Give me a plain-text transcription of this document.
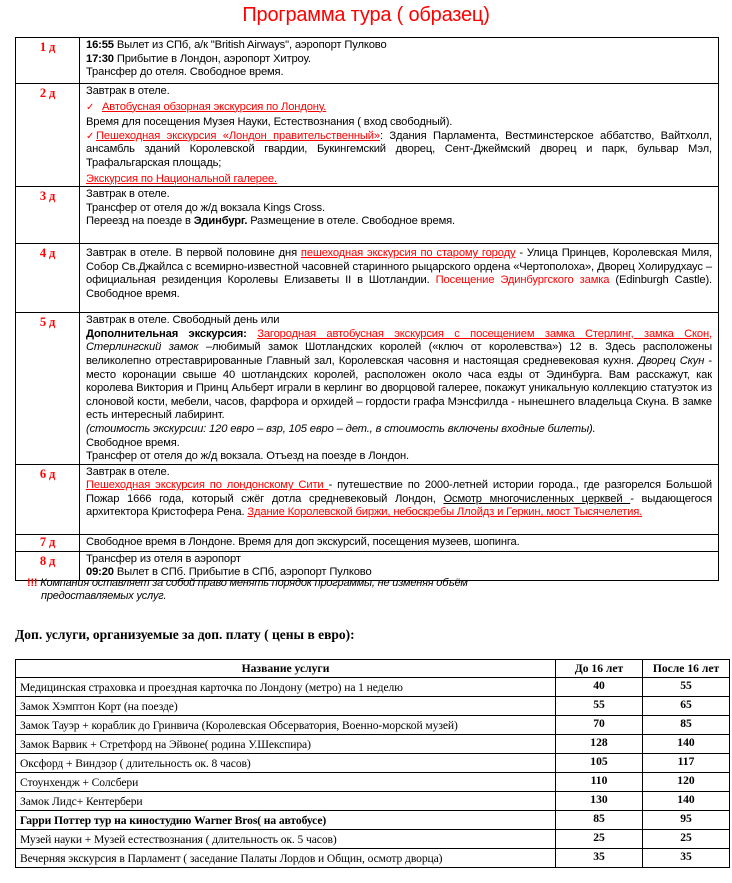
Программа тура ( образец)
1 д	16:55 Вылет из СПб, а/к "British Airways", аэропорт Пулково
17:30 Прибытие в Лондон, аэропорт Хитроу.
Трансфер до отеля. Свободное время.

2 д	Завтрак в отеле.
✓ Автобусная обзорная экскурсия по Лондону.
Время для посещения Музея Науки, Естествознания ( вход свободный).
✓ Пешеходная экскурсия «Лондон правительственный»: Здания Парламента, Вестминстерское аббатство, Вайтхолл, ансамбль зданий Королевской гвардии, Букингемский дворец, Сент-Джеймский дворец и парк, бульвар Мэл, Трафальгарская площадь;
Экскурсия по Национальной галерее.

3 д	Завтрак в отеле.
Трансфер от отеля до ж/д вокзала Kings Cross.
Переезд на поезде в Эдинбург. Размещение в отеле. Свободное время.

4 д	Завтрак в отеле. В первой половине дня пешеходная экскурсия по старому городу - Улица Принцев, Королевская Миля, Собор Св.Джайлса с всемирно-известной часовней старинного рыцарского ордена «Чертополоха», Дворец Холирудхаус – официальная резиденция Королевы Елизаветы II в Шотландии. Посещение Эдинбургского замка (Edinburgh Castle). Свободное время.
5 д	Завтрак в отеле. Свободный день или
Дополнительная экскурсия: Загородная автобусная экскурсия с посещением замка Стерлинг, замка Скон, Стерлингский замок –любимый замок Шотландских королей («ключ от королевства») 12 в. Здесь расположены великолепно отреставрированные Главный зал, Королевская часовня и настоящая средневековая кухня. Дворец Скун - место коронации свыше 40 шотландских королей, расположен около часа езды от Эдинбурга. Вам расскажут, как королева Виктория и Принц Альберт играли в керлинг во дворцовой галерее, покажут уникальную коллекцию статуэток из слоновой кости, мебели, часов, фарфора и орхидей – гордости графа Мэнсфилда - нынешнего владельца Скуна. В замке есть интересный лабиринт.
(стоимость экскурсии: 120 евро – взр, 105 евро – дет., в стоимость включены входные билеты).
Свободное время.
Трансфер от отеля до ж/д вокзала. Отъезд на поезде в Лондон.

6 д	Завтрак в отеле.
Пешеходная экскурсия по лондонскому Сити - путешествие по 2000-летней истории города., где разгорелся Большой Пожар 1666 года, который сжёг дотла средневековый Лондон, Осмотр многочисленных церквей - выдающегося архитектора Кристофера Рена. Здание Королевской биржи, небоскребы Ллойдз и Геркин, мост Тысячелетия.
7 д	Свободное время в Лондоне. Время для доп экскурсий, посещения музеев, шопинга.

8 д	Трансфер из отеля в аэропорт
09:20 Вылет в СПб. Прибытие в СПб, аэропорт Пулково
!!! Компания оставляет за собой право менять порядок программы, не изменяя объём
предоставляемых услуг.
Доп. услуги, организуемые за доп. плату ( цены в евро):
Название услуги	До 16 лет	После 16 лет
Медицинская страховка и проездная карточка по Лондону (метро) на 1 неделю	40	55
Замок Хэмптон Корт (на поезде)	55	65
Замок Тауэр + кораблик до Гринвича (Королевская Обсерватория, Военно-морской музей)	70	85
Замок Варвик + Стретфорд на Эйвоне( родина У.Шекспира)	128	140
Оксфорд + Виндзор ( длительность ок. 8 часов)	105	117
Стоунхендж + Солсбери	110	120
Замок Лидс+ Кентербери	130	140
Гарри Поттер тур на киностудию Warner Bros( на автобусе)	85	95
Музей науки + Музей естествознания ( длительность ок. 5 часов)	25	25
Вечерняя экскурсия в Парламент ( заседание Палаты Лордов и Общин, осмотр дворца)	35	35
